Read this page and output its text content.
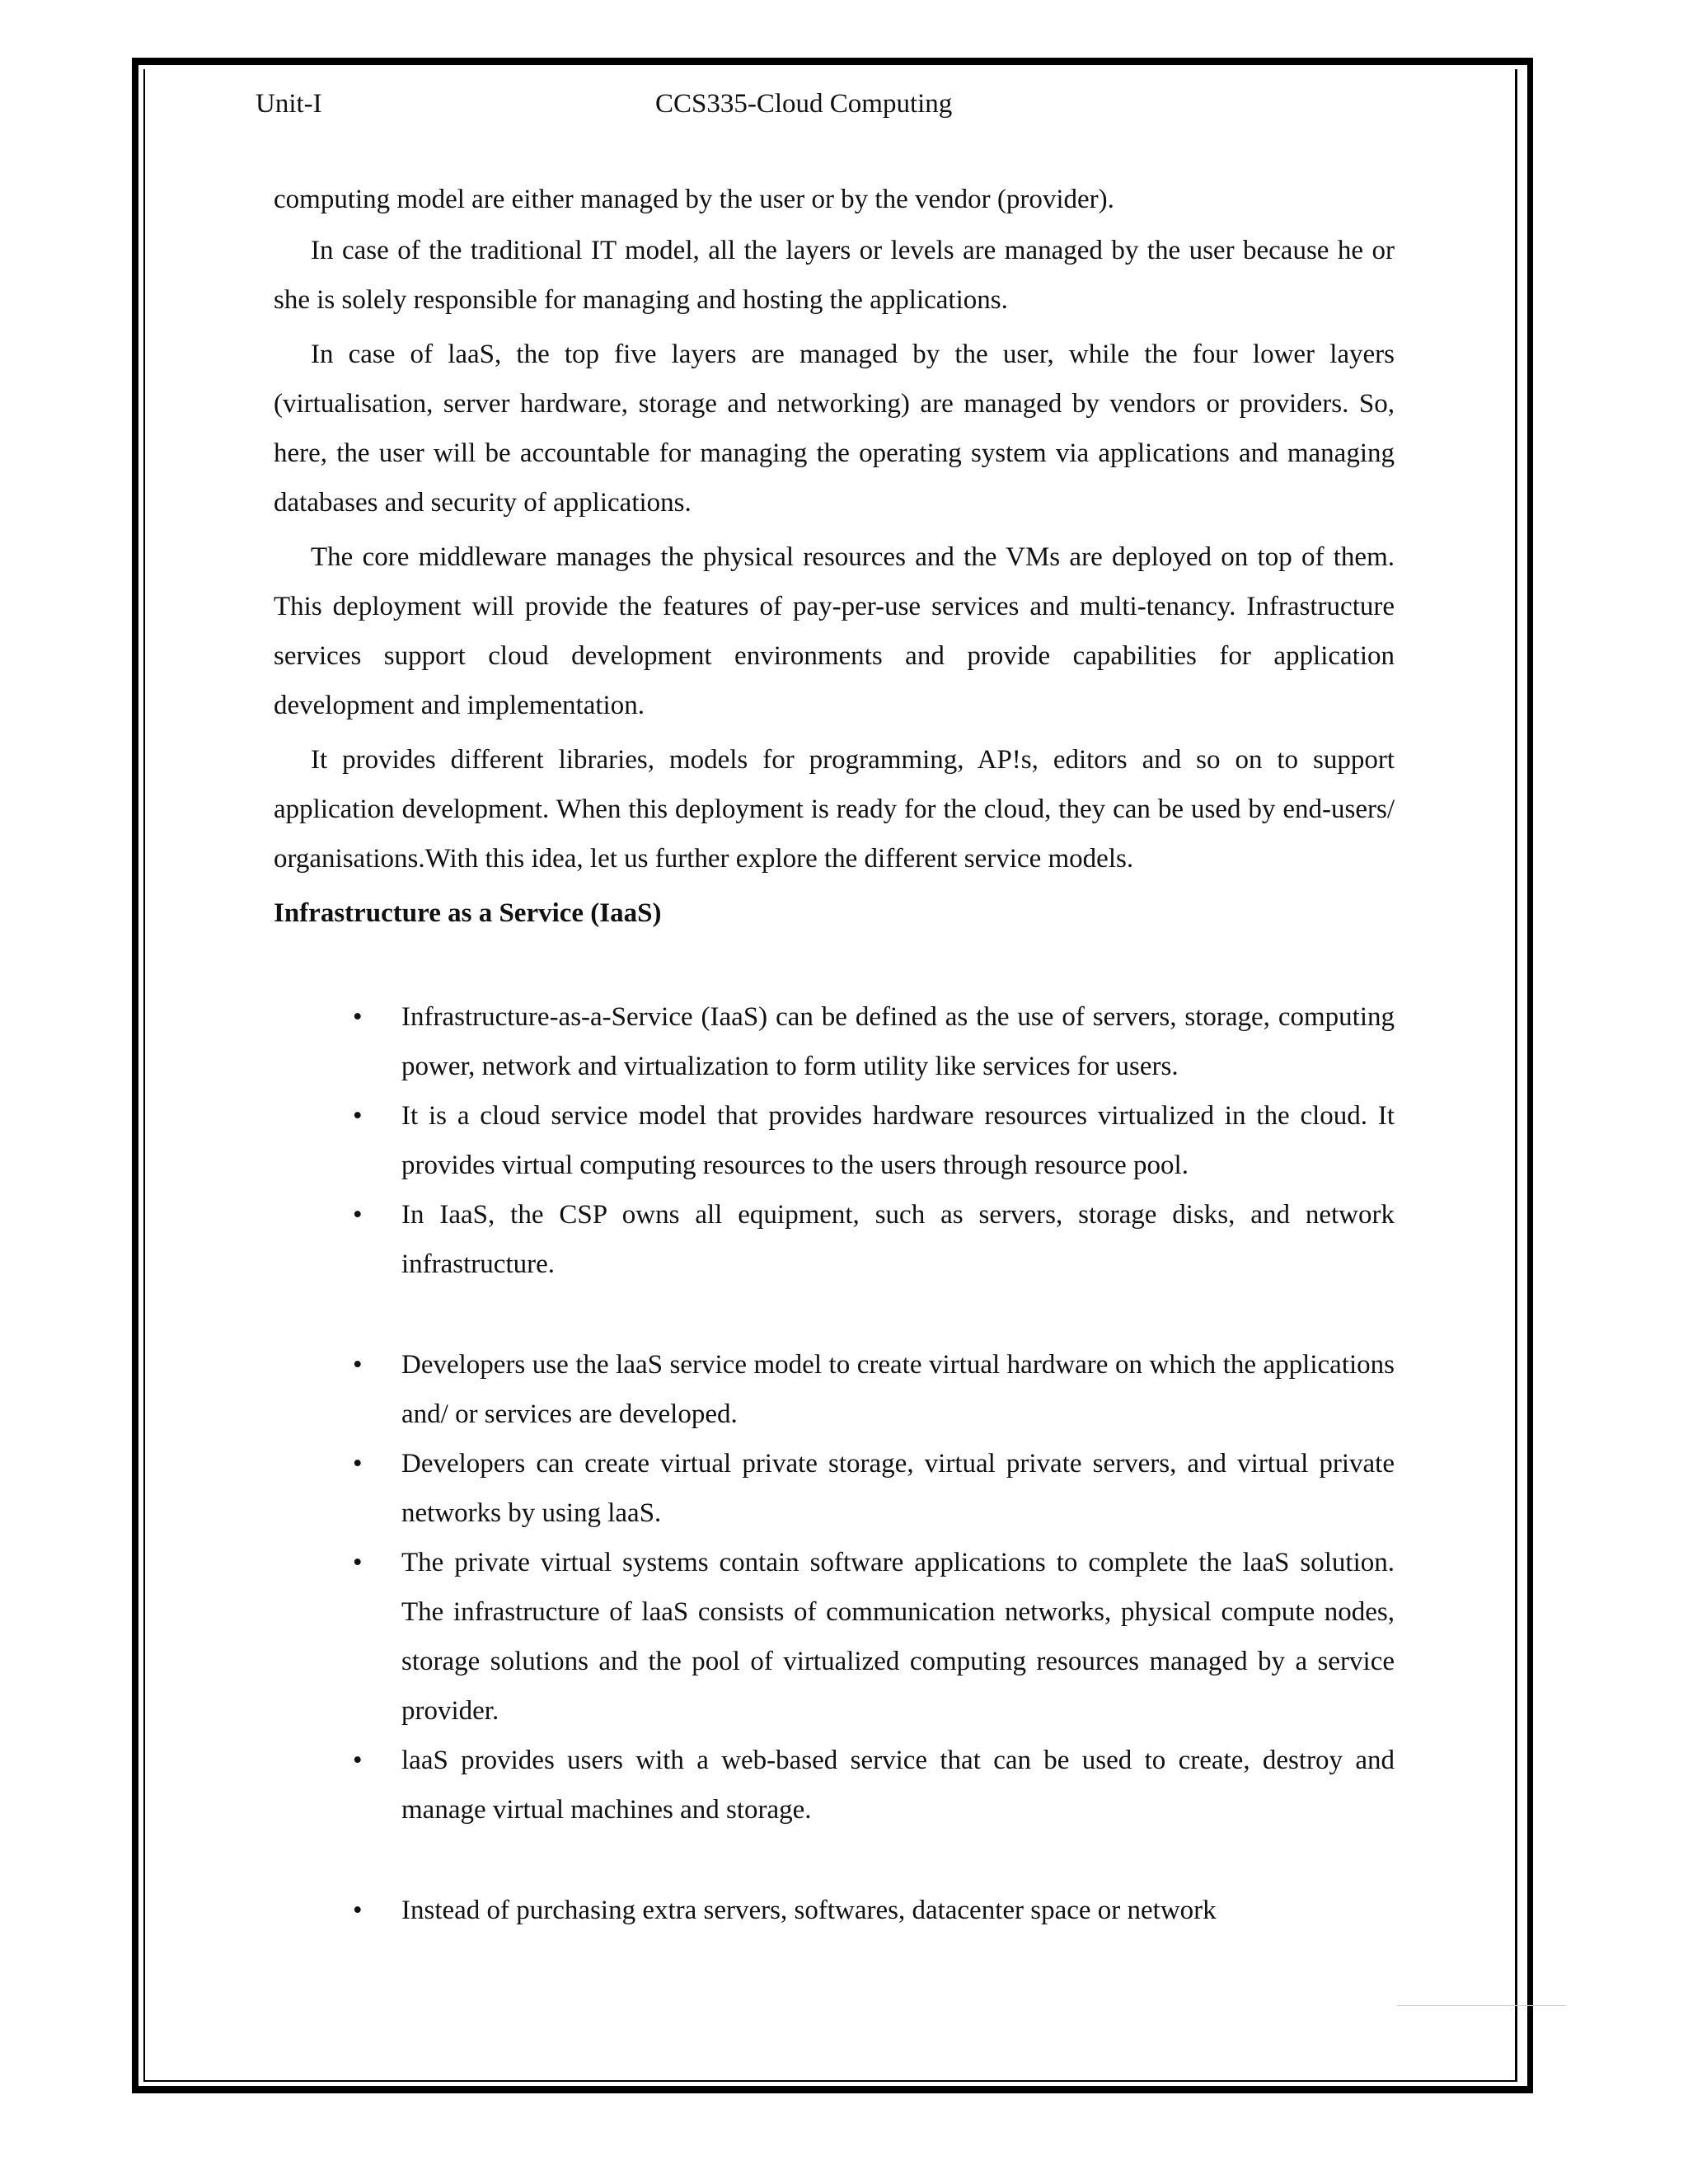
Unit-I	CCS335-Cloud Computing

computing model are either managed by the user or by the vendor (provider).

In case of the traditional IT model, all the layers or levels are managed by the user because he or she is solely responsible for managing and hosting the applications.

In case of laaS, the top five layers are managed by the user, while the four lower layers (virtualisation, server hardware, storage and networking) are managed by vendors or providers. So, here, the user will be accountable for managing the operating system via applications and managing databases and security of applications.

The core middleware manages the physical resources and the VMs are deployed on top of them. This deployment will provide the features of pay-per-use services and multi-tenancy. Infrastructure services support cloud development environments and provide capabilities for application development and implementation.

It provides different libraries, models for programming, AP!s, editors and so on to support application development. When this deployment is ready for the cloud, they can be used by end-users/ organisations.With this idea, let us further explore the different service models.

Infrastructure as a Service (IaaS)
• Infrastructure-as-a-Service (IaaS) can be defined as the use of servers, storage, computing power, network and virtualization to form utility like services for users.
• It is a cloud service model that provides hardware resources virtualized in the cloud. It provides virtual computing resources to the users through resource pool.
• In IaaS, the CSP owns all equipment, such as servers, storage disks, and network infrastructure.
• Developers use the laaS service model to create virtual hardware on which the applications and/ or services are developed.
• Developers can create virtual private storage, virtual private servers, and virtual private networks by using laaS.
• The private virtual systems contain software applications to complete the laaS solution. The infrastructure of laaS consists of communication networks, physical compute nodes, storage solutions and the pool of virtualized computing resources managed by a service provider.
• laaS provides users with a web-based service that can be used to create, destroy and manage virtual machines and storage.
• Instead of purchasing extra servers, softwares, datacenter space or network
